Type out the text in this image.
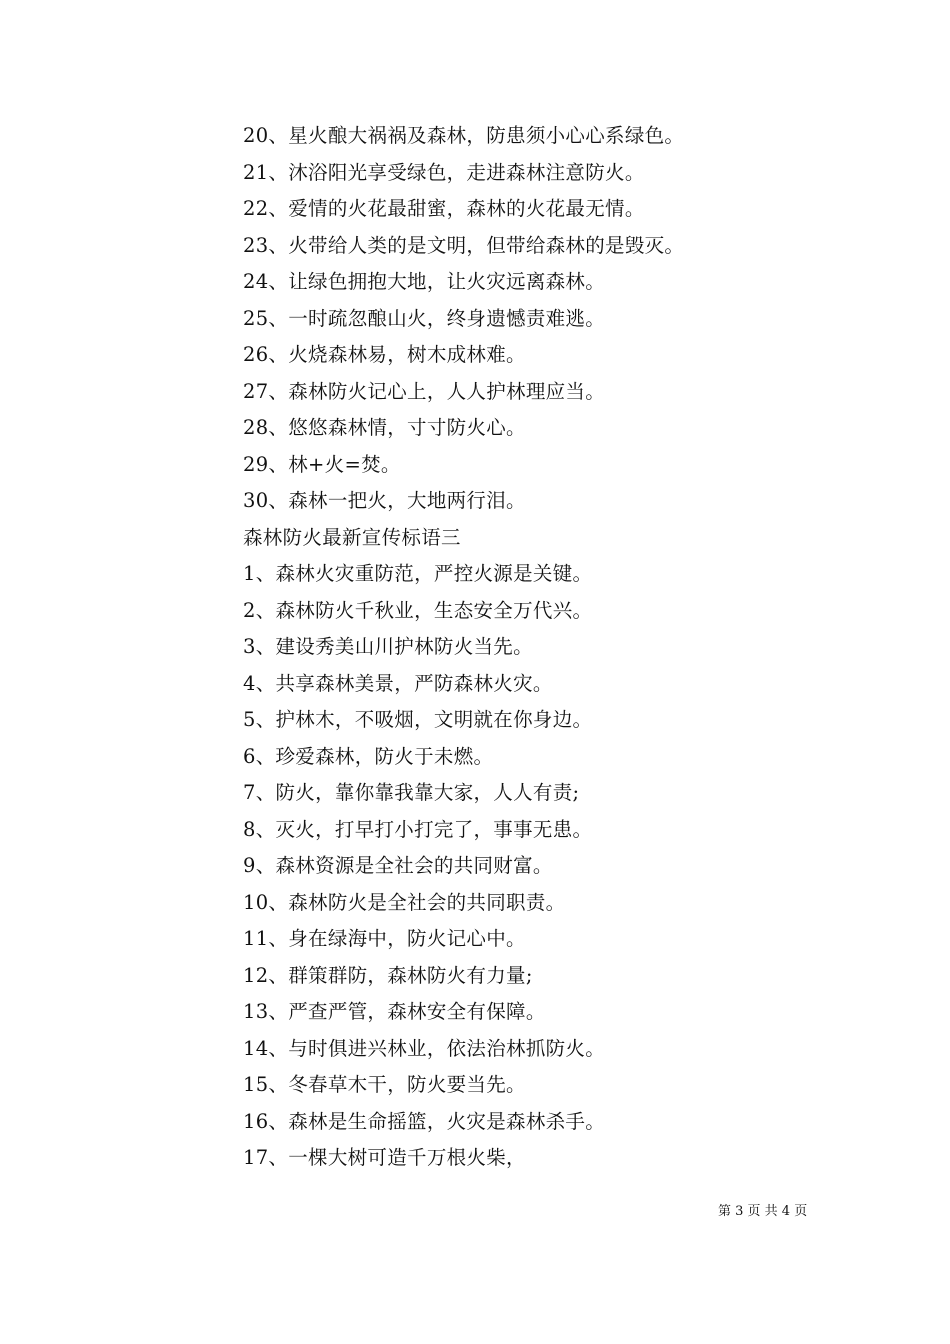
20、星火酿大祸祸及森林，防患须小心心系绿色。
21、沐浴阳光享受绿色，走进森林注意防火。
22、爱情的火花最甜蜜，森林的火花最无情。
23、火带给人类的是文明，但带给森林的是毁灭。
24、让绿色拥抱大地，让火灾远离森林。
25、一时疏忽酿山火，终身遗憾责难逃。
26、火烧森林易，树木成林难。
27、森林防火记心上，人人护林理应当。
28、悠悠森林情，寸寸防火心。
29、林+火=焚。
30、森林一把火，大地两行泪。
森林防火最新宣传标语三
1、森林火灾重防范，严控火源是关键。
2、森林防火千秋业，生态安全万代兴。
3、建设秀美山川护林防火当先。
4、共享森林美景，严防森林火灾。
5、护林木，不吸烟，文明就在你身边。
6、珍爱森林，防火于未燃。
7、防火，靠你靠我靠大家，人人有责;
8、灭火，打早打小打完了，事事无患。
9、森林资源是全社会的共同财富。
10、森林防火是全社会的共同职责。
11、身在绿海中，防火记心中。
12、群策群防，森林防火有力量;
13、严查严管，森林安全有保障。
14、与时俱进兴林业，依法治林抓防火。
15、冬春草木干，防火要当先。
16、森林是生命摇篮，火灾是森林杀手。
17、一棵大树可造千万根火柴，
第 3 页 共 4 页
